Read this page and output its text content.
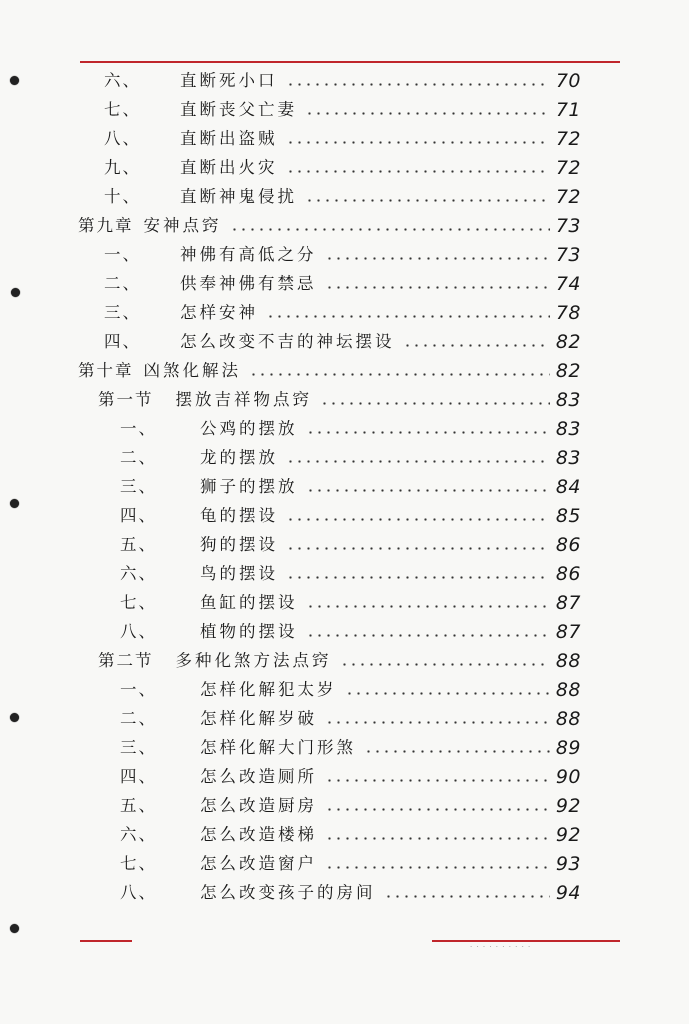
六、	直断死小口	70
七、	直断丧父亡妻	71
八、	直断出盗贼	72
九、	直断出火灾	72
十、	直断神鬼侵扰	72
第九章 安神点窍	73
一、	神佛有高低之分	73
二、	供奉神佛有禁忌	74
三、	怎样安神	78
四、	怎么改变不吉的神坛摆设	82
第十章 凶煞化解法	82
第一节 摆放吉祥物点窍	83
一、	公鸡的摆放	83
二、	龙的摆放	83
三、	狮子的摆放	84
四、	龟的摆设	85
五、	狗的摆设	86
六、	鸟的摆设	86
七、	鱼缸的摆设	87
八、	植物的摆设	87
第二节 多种化煞方法点窍	88
一、	怎样化解犯太岁	88
二、	怎样化解岁破	88
三、	怎样化解大门形煞	89
四、	怎么改造厕所	90
五、	怎么改造厨房	92
六、	怎么改造楼梯	92
七、	怎么改造窗户	93
八、	怎么改变孩子的房间	94
· · · · · · · · · ·
